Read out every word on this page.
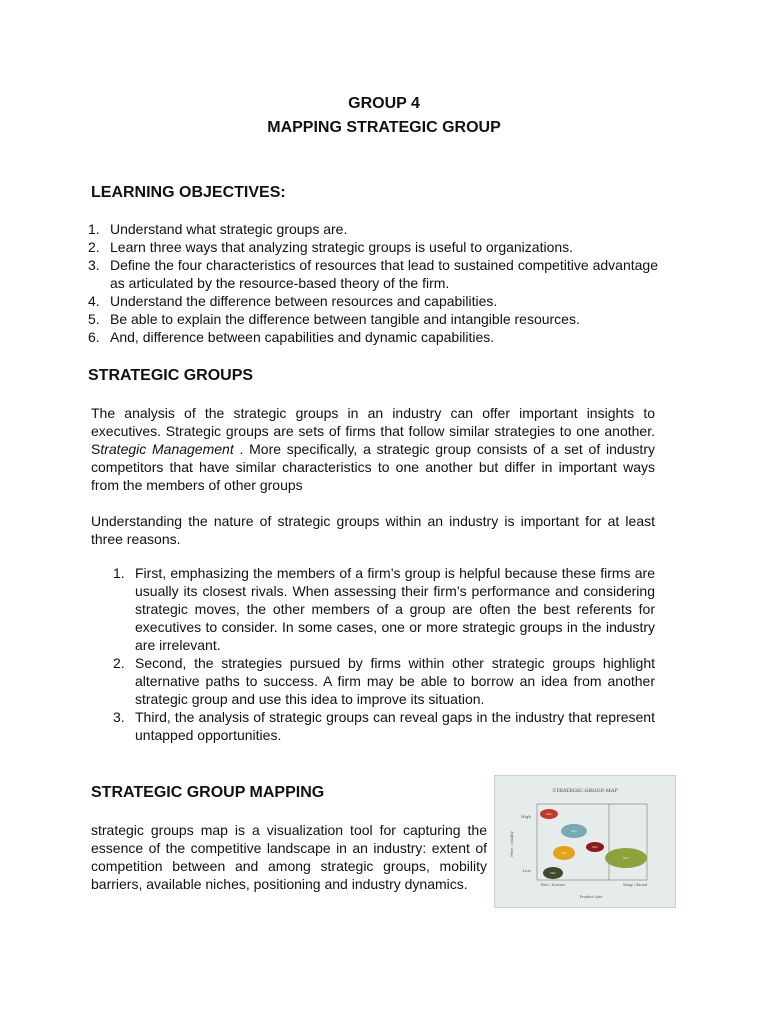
GROUP 4
MAPPING STRATEGIC GROUP
LEARNING OBJECTIVES:
1. Understand what strategic groups are.
2. Learn three ways that analyzing strategic groups is useful to organizations.
3. Define the four characteristics of resources that lead to sustained competitive advantage as articulated by the resource-based theory of the firm.
4. Understand the difference between resources and capabilities.
5. Be able to explain the difference between tangible and intangible resources.
6. And, difference between capabilities and dynamic capabilities.
STRATEGIC GROUPS

The analysis of the strategic groups in an industry can offer important insights to executives. Strategic groups are sets of firms that follow similar strategies to one another. Strategic Management . More specifically, a strategic group consists of a set of industry competitors that have similar characteristics to one another but differ in important ways from the members of other groups

Understanding the nature of strategic groups within an industry is important for at least three reasons.

1. First, emphasizing the members of a firm’s group is helpful because these firms are usually its closest rivals. When assessing their firm’s performance and considering strategic moves, the other members of a group are often the best referents for executives to consider. In some cases, one or more strategic groups in the industry are irrelevant.
2. Second, the strategies pursued by firms within other strategic groups highlight alternative paths to success. A firm may be able to borrow an idea from another strategic group and use this idea to improve its situation.
3. Third, the analysis of strategic groups can reveal gaps in the industry that represent untapped opportunities.
STRATEGIC GROUP MAPPING

strategic groups map is a visualization tool for capturing the essence of the competitive landscape in an industry: extent of competition between and among strategic groups, mobility barriers, available niches, positioning and industry dynamics.

STRATEGIC GROUP MAP
High
Low
Price / Quality
Few / Narrow	Many / Broad
Product Line
Firm
Firm
Firm
Firm
Firm
Firm
